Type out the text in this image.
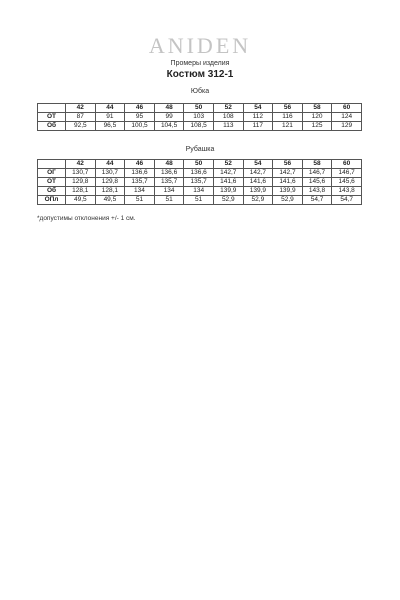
ANIDEN
Промеры изделия
Костюм 312-1
Юбка
	42	44	46	48	50	52	54	56	58	60
ОТ	87	91	95	99	103	108	112	116	120	124
Об	92,5	96,5	100,5	104,5	108,5	113	117	121	125	129
Рубашка
	42	44	46	48	50	52	54	56	58	60
ОГ	130,7	130,7	136,6	136,6	136,6	142,7	142,7	142,7	146,7	146,7
ОТ	129,8	129,8	135,7	135,7	135,7	141,6	141,6	141,6	145,6	145,6
Об	128,1	128,1	134	134	134	139,9	139,9	139,9	143,8	143,8
ОПл	49,5	49,5	51	51	51	52,9	52,9	52,9	54,7	54,7
*допустимы отклонения +/- 1 см.
